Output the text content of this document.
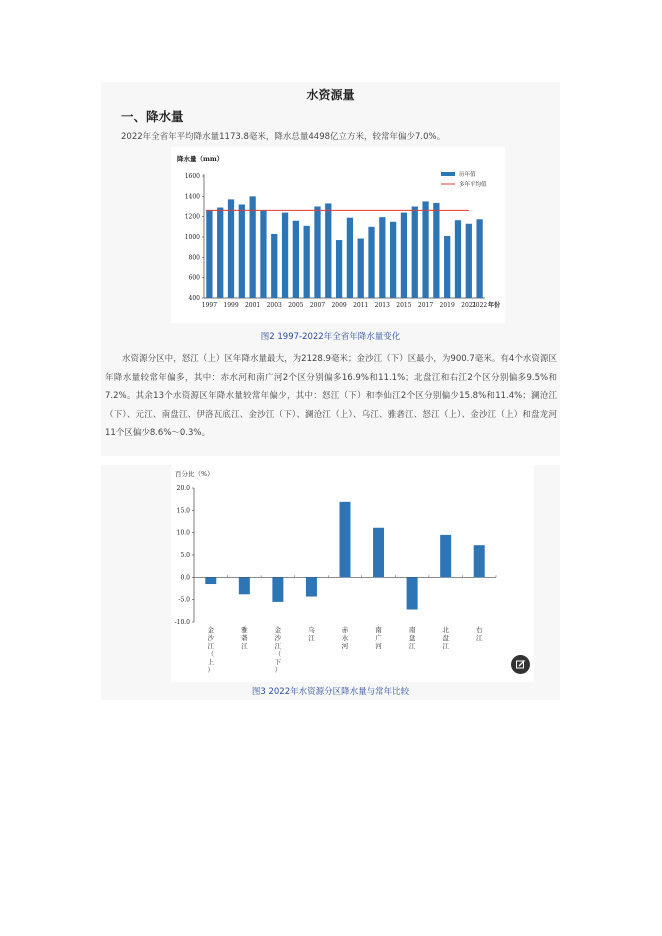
水资源量
一、降水量
2022年全省年平均降水量1173.8毫米，降水总量4498亿立方米，较常年偏少7.0%。
降水量（mm）
400
600
800
1000
1200
1400
1600
1997 1999 2001 2003 2005 2007 2009 2011 2013 2015 2017 2019 2021
2022 年份
历年值
多年平均值
图2 1997-2022年全省年降水量变化

水资源分区中，怒江（上）区年降水量最大，为2128.9毫米；金沙江（下）区最小，为900.7毫米。有4个水资源区年降水量较常年偏多，其中：赤水河和南广河2个区分别偏多16.9%和11.1%；北盘江和右江2个区分别偏多9.5%和7.2%。其余13个水资源区年降水量较常年偏少，其中：怒江（下）和李仙江2个区分别偏少15.8%和11.4%；澜沧江（下）、元江、南盘江、伊洛瓦底江、金沙江（下）、澜沧江（上）、乌江、雅砻江、怒江（上）、金沙江（上）和盘龙河11个区偏少8.6%～0.3%。

百分比（%）
20.0
15.0
10.0
5.0
0.0
-5.0
-10.0
金沙江（上）
雅砻江
金沙江（下）
乌江
赤水河
南广河
南盘江
北盘江
右江
图3 2022年水资源分区降水量与常年比较
